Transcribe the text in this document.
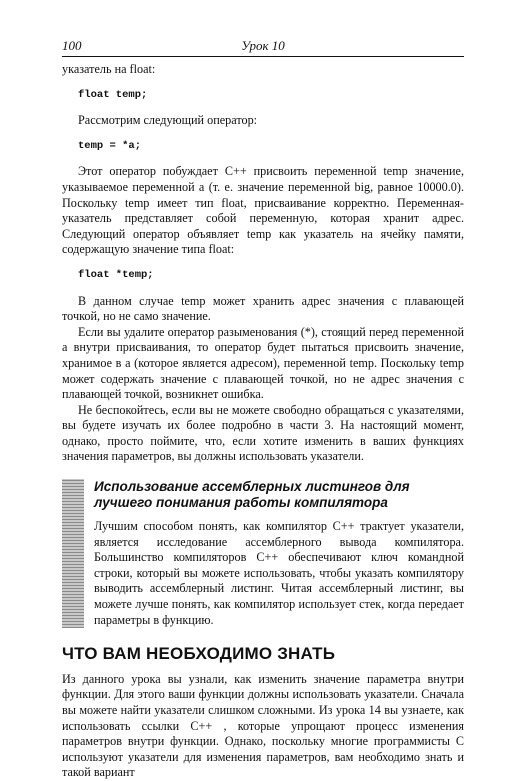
100	Урок 10

указатель на float:

float temp;

Рассмотрим следующий оператор:

temp = *a;

Этот оператор побуждает С++ присвоить переменной temp значение, указываемое переменной a (т. е. значение переменной big, равное 10000.0). Поскольку temp имеет тип float, присваивание корректно. Переменная-указатель представляет собой переменную, которая хранит адрес. Следующий оператор объявляет temp как указатель на ячейку памяти, содержащую значение типа float:

float *temp;

В данном случае temp может хранить адрес значения с плавающей точкой, но не само значение.

Если вы удалите оператор разыменования (*), стоящий перед переменной a внутри присваивания, то оператор будет пытаться присвоить значение, хранимое в a (которое является адресом), переменной temp. Поскольку temp может содержать значение с плавающей точкой, но не адрес значения с плавающей точкой, возникнет ошибка.

Не беспокойтесь, если вы не можете свободно обращаться с указателями, вы будете изучать их более подробно в части 3. На настоящий момент, однако, просто поймите, что, если хотите изменить в ваших функциях значения параметров, вы должны использовать указатели.

Использование ассемблерных листингов для лучшего понимания работы компилятора

Лучшим способом понять, как компилятор С++ трактует указатели, является исследование ассемблерного вывода компилятора. Большинство компиляторов С++ обеспечивают ключ командной строки, который вы можете использовать, чтобы указать компилятору выводить ассемблерный листинг. Читая ассемблерный листинг, вы можете лучше понять, как компилятор использует стек, когда передает параметры в функцию.

ЧТО ВАМ НЕОБХОДИМО ЗНАТЬ

Из данного урока вы узнали, как изменить значение параметра внутри функции. Для этого ваши функции должны использовать указатели. Сначала вы можете найти указатели слишком сложными. Из урока 14 вы узнаете, как использовать ссылки С++ , которые упрощают процесс изменения параметров внутри функции. Однако, поскольку многие программисты С используют указатели для изменения параметров, вам необходимо знать и такой вариант
